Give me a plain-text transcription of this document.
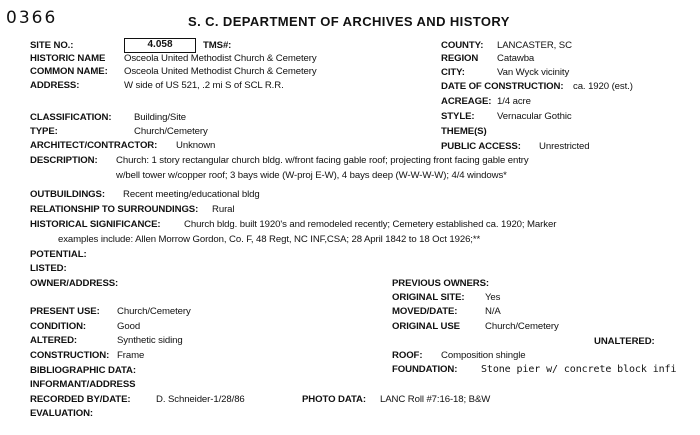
0366	S. C. DEPARTMENT OF ARCHIVES AND HISTORY
SITE NO.:	4.058	TMS#:
HISTORIC NAME Osceola United Methodist Church & Cemetery
COMMON NAME: Osceola United Methodist Church & Cemetery
ADDRESS:	W side of US 521, .2 mi S of SCL R.R.
CLASSIFICATION: Building/Site
TYPE:	Church/Cemetery
ARCHITECT/CONTRACTOR: Unknown
DESCRIPTION: Church: 1 story rectangular church bldg. w/front facing gable roof; projecting front facing gable entry
w/bell tower w/copper roof; 3 bays wide (W-proj E-W), 4 bays deep (W-W-W-W); 4/4 windows*
OUTBUILDINGS: Recent meeting/educational bldg
RELATIONSHIP TO SURROUNDINGS: Rural
HISTORICAL SIGNIFICANCE: Church bldg. built 1920's and remodeled recently; Cemetery established ca. 1920; Marker
examples include: Allen Morrow Gordon, Co. F, 48 Regt, NC INF,CSA; 28 April 1842 to 18 Oct 1926;**
POTENTIAL:
LISTED:
OWNER/ADDRESS:
PRESENT USE: Church/Cemetery
CONDITION:	Good
ALTERED:	Synthetic siding
CONSTRUCTION: Frame
BIBLIOGRAPHIC DATA:
INFORMANT/ADDRESS
RECORDED BY/DATE:	D. Schneider-1/28/86	PHOTO DATA: LANC Roll #7:16-18; B&W
EVALUATION:
COUNTY: LANCASTER, SC
REGION Catawba
CITY:	Van Wyck vicinity
DATE OF CONSTRUCTION: ca. 1920 (est.)
ACREAGE: 1/4 acre
STYLE: Vernacular Gothic
THEME(S)
PUBLIC ACCESS: Unrestricted
PREVIOUS OWNERS:
ORIGINAL SITE: Yes
MOVED/DATE:	N/A
ORIGINAL USE	Church/Cemetery
UNALTERED:
ROOF: Composition shingle
FOUNDATION: Stone pier w/ concrete block infi
